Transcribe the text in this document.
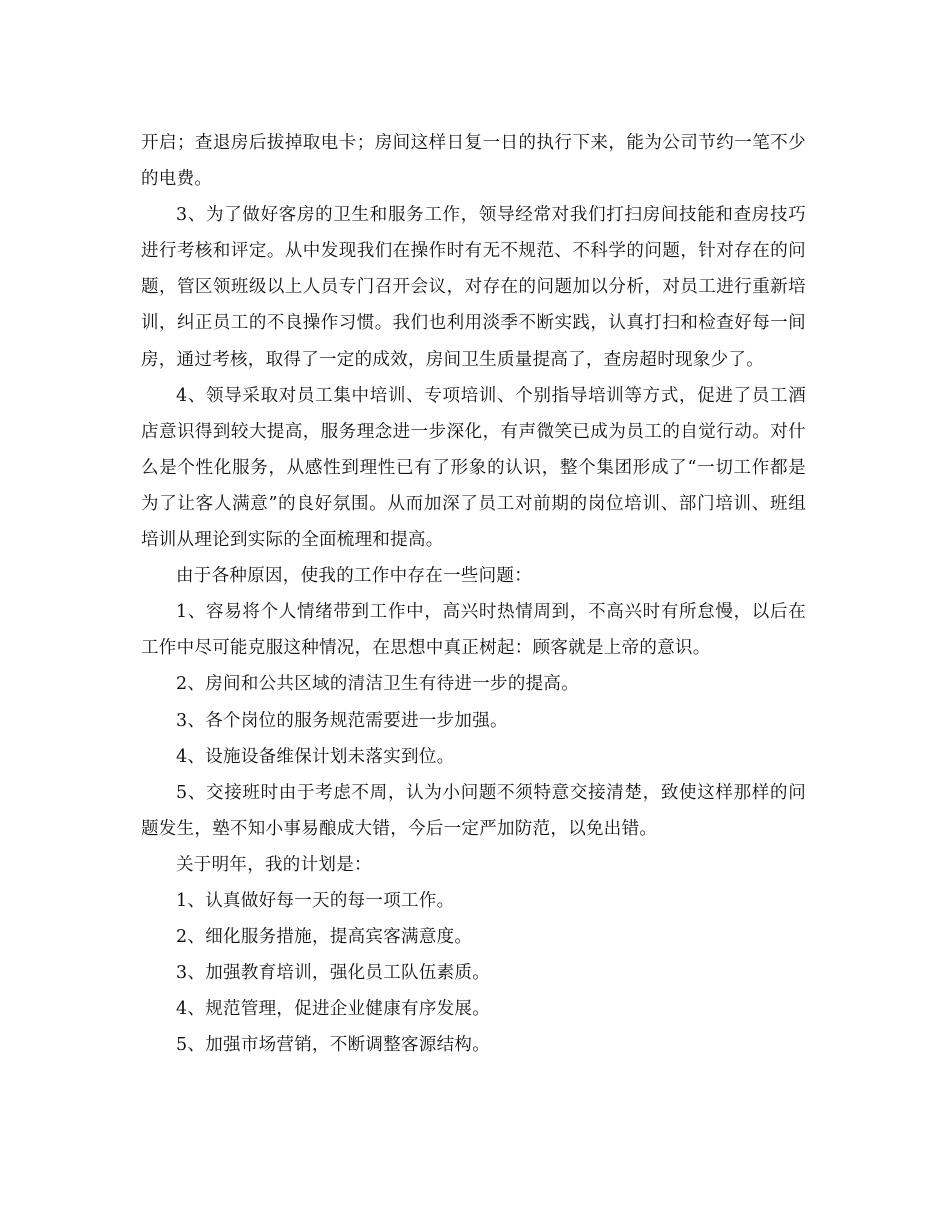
开启；查退房后拔掉取电卡；房间这样日复一日的执行下来，能为公司节约一笔不少的电费。

3、为了做好客房的卫生和服务工作，领导经常对我们打扫房间技能和查房技巧进行考核和评定。从中发现我们在操作时有无不规范、不科学的问题，针对存在的问题，管区领班级以上人员专门召开会议，对存在的问题加以分析，对员工进行重新培训，纠正员工的不良操作习惯。我们也利用淡季不断实践，认真打扫和检查好每一间房，通过考核，取得了一定的成效，房间卫生质量提高了，查房超时现象少了。

4、领导采取对员工集中培训、专项培训、个别指导培训等方式，促进了员工酒店意识得到较大提高，服务理念进一步深化，有声微笑已成为员工的自觉行动。对什么是个性化服务，从感性到理性已有了形象的认识，整个集团形成了“一切工作都是为了让客人满意”的良好氛围。从而加深了员工对前期的岗位培训、部门培训、班组培训从理论到实际的全面梳理和提高。

由于各种原因，使我的工作中存在一些问题：

1、容易将个人情绪带到工作中，高兴时热情周到，不高兴时有所怠慢，以后在工作中尽可能克服这种情况，在思想中真正树起：顾客就是上帝的意识。

2、房间和公共区域的清洁卫生有待进一步的提高。

3、各个岗位的服务规范需要进一步加强。

4、设施设备维保计划未落实到位。

5、交接班时由于考虑不周，认为小问题不须特意交接清楚，致使这样那样的问题发生，塾不知小事易酿成大错，今后一定严加防范，以免出错。

关于明年，我的计划是：

1、认真做好每一天的每一项工作。

2、细化服务措施，提高宾客满意度。

3、加强教育培训，强化员工队伍素质。

4、规范管理，促进企业健康有序发展。

5、加强市场营销，不断调整客源结构。
